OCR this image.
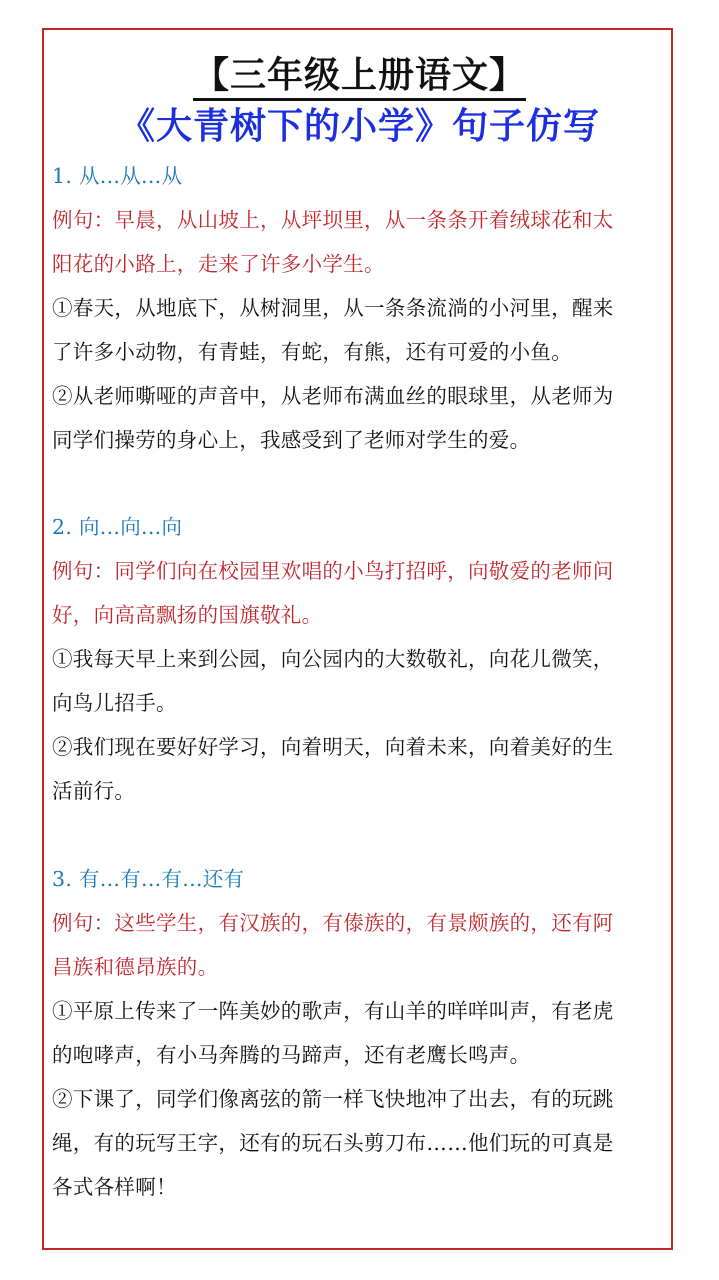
【三年级上册语文】
《大青树下的小学》句子仿写
1. 从...从...从
例句：早晨，从山坡上，从坪坝里，从一条条开着绒球花和太
阳花的小路上，走来了许多小学生。
①春天，从地底下，从树洞里，从一条条流淌的小河里，醒来
了许多小动物，有青蛙，有蛇，有熊，还有可爱的小鱼。
②从老师嘶哑的声音中，从老师布满血丝的眼球里，从老师为
同学们操劳的身心上，我感受到了老师对学生的爱。
2. 向...向...向
例句：同学们向在校园里欢唱的小鸟打招呼，向敬爱的老师问
好，向高高飘扬的国旗敬礼。
①我每天早上来到公园，向公园内的大数敬礼，向花儿微笑，
向鸟儿招手。
②我们现在要好好学习，向着明天，向着未来，向着美好的生
活前行。
3. 有...有...有...还有
例句：这些学生，有汉族的，有傣族的，有景颇族的，还有阿
昌族和德昂族的。
①平原上传来了一阵美妙的歌声，有山羊的咩咩叫声，有老虎
的咆哮声，有小马奔腾的马蹄声，还有老鹰长鸣声。
②下课了，同学们像离弦的箭一样飞快地冲了出去，有的玩跳
绳，有的玩写王字，还有的玩石头剪刀布……他们玩的可真是
各式各样啊！
